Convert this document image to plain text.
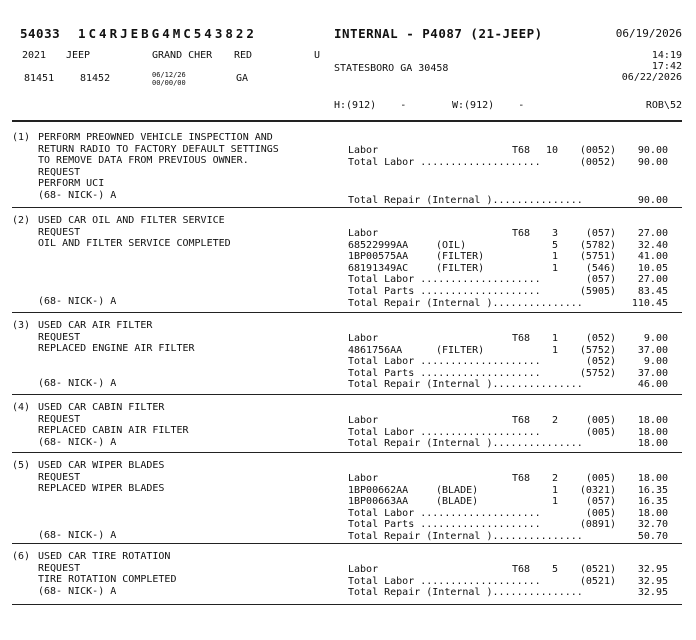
54033 1C4RJEBG4MC543822	INTERNAL - P4087 (21-JEEP)	06/19/2026
2021 JEEP	GRAND CHER RED	U	14:19
17:42
STATESBORO GA 30458
06/22/2026
81451	81452	06/12/26
00/00/00	GA
H:(912)    -	W:(912)    -	ROB\52
(1) PERFORM PREOWNED VEHICLE INSPECTION AND
RETURN RADIO TO FACTORY DEFAULT SETTINGS
TO REMOVE DATA FROM PREVIOUS OWNER.
REQUEST
PERFORM UCI
(68- NICK-) A
Labor	T68	10	(0052)	90.00
Total Labor ....................	(0052)	90.00
Total Repair (Internal )...............	90.00
(2) USED CAR OIL AND FILTER SERVICE
REQUEST
OIL AND FILTER SERVICE COMPLETED
(68- NICK-) A
Labor	T68	3	(057)	27.00
68522999AA	(OIL)	5	(5782)	32.40
1BP00575AA	(FILTER)	1	(5751)	41.00
68191349AC	(FILTER)	1	(546)	10.05
Total Labor ....................	(057)	27.00
Total Parts ....................	(5905)	83.45
Total Repair (Internal )...............	110.45
(3) USED CAR AIR FILTER
REQUEST
REPLACED ENGINE AIR FILTER
(68- NICK-) A
Labor	T68	1	(052)	9.00
4861756AA	(FILTER)	1	(5752)	37.00
Total Labor ....................	(052)	9.00
Total Parts ....................	(5752)	37.00
Total Repair (Internal )...............	46.00
(4) USED CAR CABIN FILTER
REQUEST
REPLACED CABIN AIR FILTER
(68- NICK-) A
Labor	T68	2	(005)	18.00
Total Labor ....................	(005)	18.00
Total Repair (Internal )...............	18.00
(5) USED CAR WIPER BLADES
REQUEST
REPLACED WIPER BLADES
(68- NICK-) A
Labor	T68	2	(005)	18.00
1BP00662AA	(BLADE)	1	(0321)	16.35
1BP00663AA	(BLADE)	1	(057)	16.35
Total Labor ....................	(005)	18.00
Total Parts ....................	(0891)	32.70
Total Repair (Internal )...............	50.70
(6) USED CAR TIRE ROTATION
REQUEST
TIRE ROTATION COMPLETED
(68- NICK-) A
Labor	T68	5	(0521)	32.95
Total Labor ....................	(0521)	32.95
Total Repair (Internal )...............	32.95
